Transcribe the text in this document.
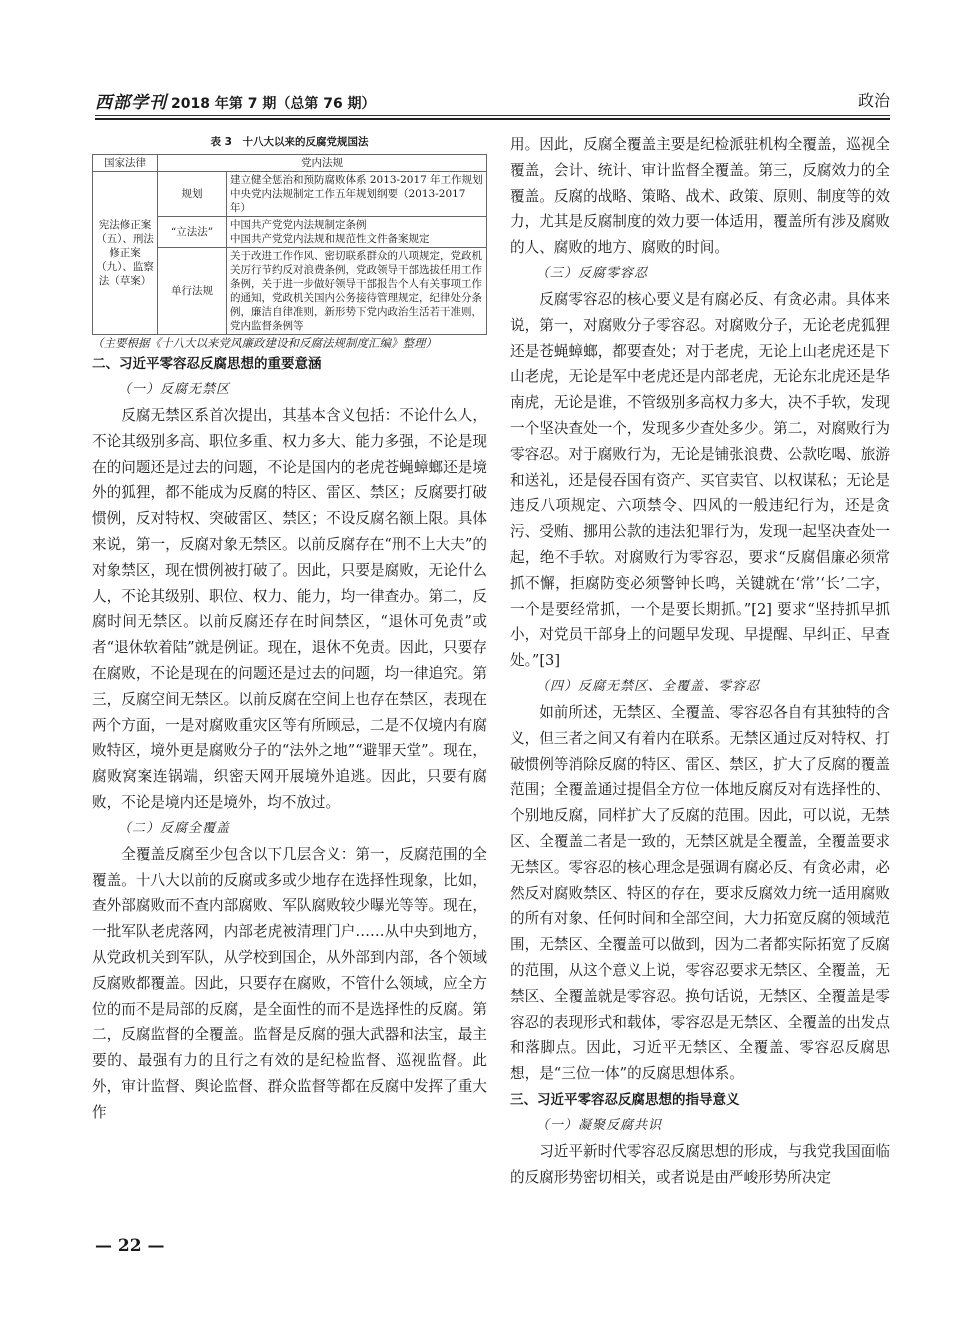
西部学刊 2018 年第 7 期（总第 76 期）	政治
表 3　十八大以来的反腐党规国法
国家法律	党内法规	
宪法修正案（五）、刑法修正案（九）、监察法（草案）	规划	建立健全惩治和预防腐败体系 2013-2017 年工作规划
中央党内法规制定工作五年规划纲要（2013-2017 年）
	“立法法”	中国共产党党内法规制定条例
中国共产党党内法规和规范性文件备案规定
	单行法规	关于改进工作作风、密切联系群众的八项规定，党政机关厉行节约反对浪费条例，党政领导干部选拔任用工作条例，关于进一步做好领导干部报告个人有关事项工作的通知，党政机关国内公务接待管理规定，纪律处分条例，廉洁自律准则，新形势下党内政治生活若干准则，党内监督条例等

（主要根据《十八大以来党风廉政建设和反腐法规制度汇编》整理）

二、习近平零容忍反腐思想的重要意涵
（一）反腐无禁区

反腐无禁区系首次提出，其基本含义包括：不论什么人，不论其级别多高、职位多重、权力多大、能力多强，不论是现在的问题还是过去的问题，不论是国内的老虎苍蝇蟑螂还是境外的狐狸，都不能成为反腐的特区、雷区、禁区；反腐要打破惯例，反对特权、突破雷区、禁区；不设反腐名额上限。具体来说，第一，反腐对象无禁区。以前反腐存在“刑不上大夫”的对象禁区，现在惯例被打破了。因此，只要是腐败，无论什么人，不论其级别、职位、权力、能力，均一律查办。第二，反腐时间无禁区。以前反腐还存在时间禁区，“退休可免责”或者“退休软着陆”就是例证。现在，退休不免责。因此，只要存在腐败，不论是现在的问题还是过去的问题，均一律追究。第三，反腐空间无禁区。以前反腐在空间上也存在禁区，表现在两个方面，一是对腐败重灾区等有所顾忌，二是不仅境内有腐败特区，境外更是腐败分子的“法外之地”“避罪天堂”。现在，腐败窝案连锅端，织密天网开展境外追逃。因此，只要有腐败，不论是境内还是境外，均不放过。

（二）反腐全覆盖

全覆盖反腐至少包含以下几层含义：第一，反腐范围的全覆盖。十八大以前的反腐或多或少地存在选择性现象，比如，查外部腐败而不查内部腐败、军队腐败较少曝光等等。现在，一批军队老虎落网，内部老虎被清理门户……从中央到地方，从党政机关到军队，从学校到国企，从外部到内部，各个领域反腐败都覆盖。因此，只要存在腐败，不管什么领域，应全方位的而不是局部的反腐，是全面性的而不是选择性的反腐。第二，反腐监督的全覆盖。监督是反腐的强大武器和法宝，最主要的、最强有力的且行之有效的是纪检监督、巡视监督。此外，审计监督、舆论监督、群众监督等都在反腐中发挥了重大作

用。因此，反腐全覆盖主要是纪检派驻机构全覆盖，巡视全覆盖，会计、统计、审计监督全覆盖。第三，反腐效力的全覆盖。反腐的战略、策略、战术、政策、原则、制度等的效力，尤其是反腐制度的效力要一体适用，覆盖所有涉及腐败的人、腐败的地方、腐败的时间。

（三）反腐零容忍

反腐零容忍的核心要义是有腐必反、有贪必肃。具体来说，第一，对腐败分子零容忍。对腐败分子，无论老虎狐狸还是苍蝇蟑螂，都要查处；对于老虎，无论上山老虎还是下山老虎，无论是军中老虎还是内部老虎，无论东北虎还是华南虎，无论是谁，不管级别多高权力多大，决不手软，发现一个坚决查处一个，发现多少查处多少。第二，对腐败行为零容忍。对于腐败行为，无论是铺张浪费、公款吃喝、旅游和送礼，还是侵吞国有资产、买官卖官、以权谋私；无论是违反八项规定、六项禁令、四风的一般违纪行为，还是贪污、受贿、挪用公款的违法犯罪行为，发现一起坚决查处一起，绝不手软。对腐败行为零容忍，要求“反腐倡廉必须常抓不懈，拒腐防变必须警钟长鸣，关键就在‘常’‘长’二字，一个是要经常抓，一个是要长期抓。”[2] 要求“坚持抓早抓小，对党员干部身上的问题早发现、早提醒、早纠正、早查处。”[3]

（四）反腐无禁区、全覆盖、零容忍

如前所述，无禁区、全覆盖、零容忍各自有其独特的含义，但三者之间又有着内在联系。无禁区通过反对特权、打破惯例等消除反腐的特区、雷区、禁区，扩大了反腐的覆盖范围；全覆盖通过提倡全方位一体地反腐反对有选择性的、个别地反腐，同样扩大了反腐的范围。因此，可以说，无禁区、全覆盖二者是一致的，无禁区就是全覆盖，全覆盖要求无禁区。零容忍的核心理念是强调有腐必反、有贪必肃，必然反对腐败禁区、特区的存在，要求反腐效力统一适用腐败的所有对象、任何时间和全部空间，大力拓宽反腐的领域范围，无禁区、全覆盖可以做到，因为二者都实际拓宽了反腐的范围，从这个意义上说，零容忍要求无禁区、全覆盖，无禁区、全覆盖就是零容忍。换句话说，无禁区、全覆盖是零容忍的表现形式和载体，零容忍是无禁区、全覆盖的出发点和落脚点。因此，习近平无禁区、全覆盖、零容忍反腐思想，是“三位一体”的反腐思想体系。

三、习近平零容忍反腐思想的指导意义
（一）凝聚反腐共识

习近平新时代零容忍反腐思想的形成，与我党我国面临的反腐形势密切相关，或者说是由严峻形势所决定

— 22 —
